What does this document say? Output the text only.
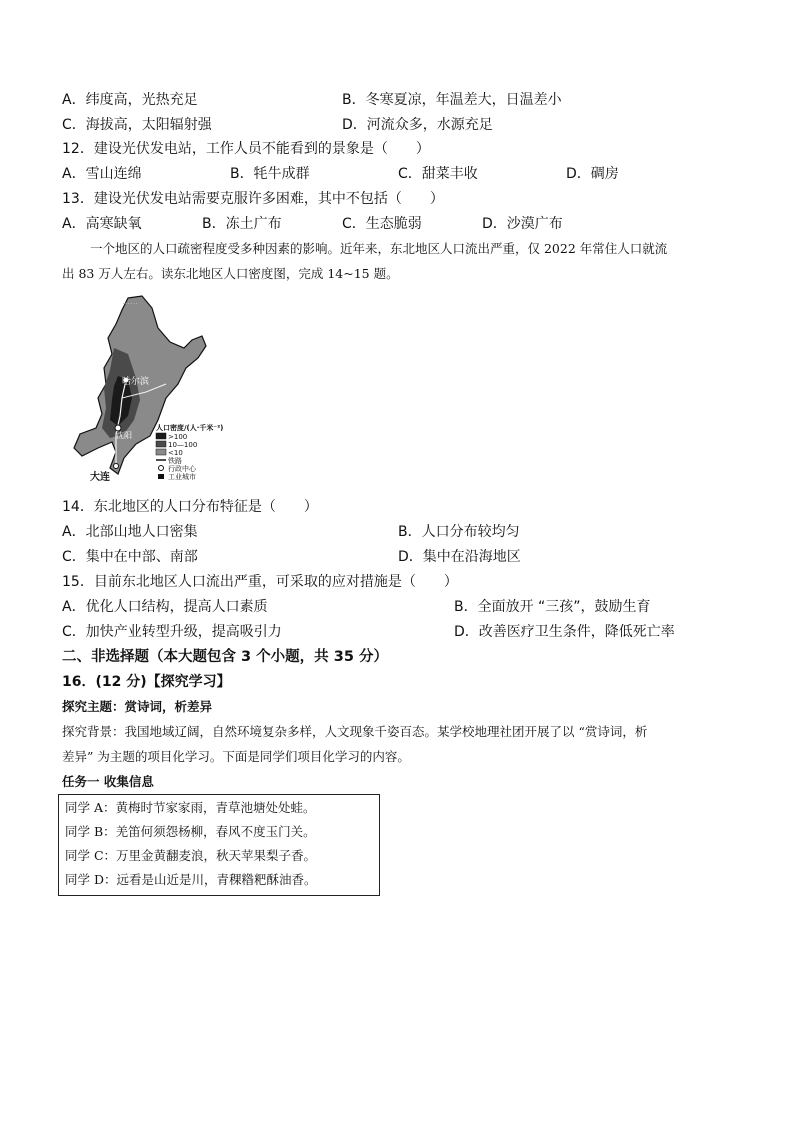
A．纬度高，光热充足	B．冬寒夏凉，年温差大，日温差小
C．海拔高，太阳辐射强	D．河流众多，水源充足
12．建设光伏发电站，工作人员不能看到的景象是（　　）
A．雪山连绵	B．牦牛成群	C．甜菜丰收	D．碉房
13．建设光伏发电站需要克服许多困难，其中不包括（　　）
A．高寒缺氧	B．冻土广布	C．生态脆弱	D．沙漠广布
一个地区的人口疏密程度受多种因素的影响。近年来，东北地区人口流出严重，仅 2022 年常住人口就流
出 83 万人左右。读东北地区人口密度图，完成 14~15 题。
……
哈尔滨
沈阳
大连
人口密度/(人·千米⁻²)
>100
10—100
<10
铁路
行政中心
工业城市
14．东北地区的人口分布特征是（　　）
A．北部山地人口密集	B．人口分布较均匀
C．集中在中部、南部	D．集中在沿海地区
15．目前东北地区人口流出严重，可采取的应对措施是（　　）
A．优化人口结构，提高人口素质	B．全面放开 “三孩”，鼓励生育
C．加快产业转型升级，提高吸引力	D．改善医疗卫生条件，降低死亡率
二、非选择题（本大题包含 3 个小题，共 35 分）
16．(12 分)【探究学习】
探究主题：赏诗词，析差异
探究背景：我国地域辽阔，自然环境复杂多样，人文现象千姿百态。某学校地理社团开展了以 “赏诗词，析
差异” 为主题的项目化学习。下面是同学们项目化学习的内容。
任务一 收集信息
同学 A：黄梅时节家家雨，青草池塘处处蛙。
同学 B：羌笛何须怨杨柳，春风不度玉门关。
同学 C：万里金黄翻麦浪，秋天苹果梨子香。
同学 D：远看是山近是川，青稞糌粑酥油香。
